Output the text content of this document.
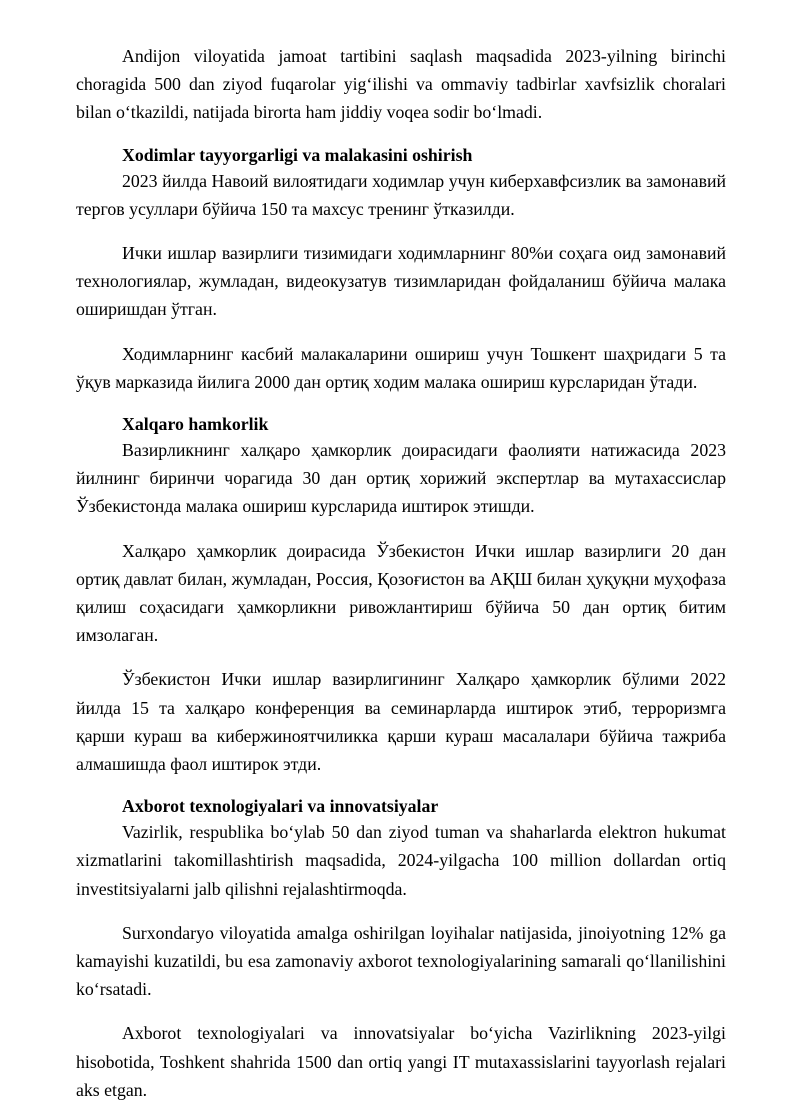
Andijon viloyatida jamoat tartibini saqlash maqsadida 2023-yilning birinchi choragida 500 dan ziyod fuqarolar yig‘ilishi va ommaviy tadbirlar xavfsizlik choralari bilan o‘tkazildi, natijada birorta ham jiddiy voqea sodir bo‘lmadi.

Xodimlar tayyorgarligi va malakasini oshirish

2023 йилда Навоий вилоятидаги ходимлар учун киберхавфсизлик ва замонавий тергов усуллари бўйича 150 та махсус тренинг ўтказилди.

Ички ишлар вазирлиги тизимидаги ходимларнинг 80%и соҳага оид замонавий технологиялар, жумладан, видеокузатув тизимларидан фойдаланиш бўйича малака оширишдан ўтган.

Ходимларнинг касбий малакаларини ошириш учун Тошкент шаҳридаги 5 та ўқув марказида йилига 2000 дан ортиқ ходим малака ошириш курсларидан ўтади.

Xalqaro hamkorlik

Вазирликнинг халқаро ҳамкорлик доирасидаги фаолияти натижасида 2023 йилнинг биринчи чорагида 30 дан ортиқ хорижий экспертлар ва мутахассислар Ўзбекистонда малака ошириш курсларида иштирок этишди.

Халқаро ҳамкорлик доирасида Ўзбекистон Ички ишлар вазирлиги 20 дан ортиқ давлат билан, жумладан, Россия, Қозоғистон ва АҚШ билан ҳуқуқни муҳофаза қилиш соҳасидаги ҳамкорликни ривожлантириш бўйича 50 дан ортиқ битим имзолаган.

Ўзбекистон Ички ишлар вазирлигининг Халқаро ҳамкорлик бўлими 2022 йилда 15 та халқаро конференция ва семинарларда иштирок этиб, терроризмга қарши кураш ва кибержиноятчиликка қарши кураш масалалари бўйича тажриба алмашишда фаол иштирок этди.

Axborot texnologiyalari va innovatsiyalar

Vazirlik, respublika bo‘ylab 50 dan ziyod tuman va shaharlarda elektron hukumat xizmatlarini takomillashtirish maqsadida, 2024-yilgacha 100 million dollardan ortiq investitsiyalarni jalb qilishni rejalashtirmoqda.

Surxondaryo viloyatida amalga oshirilgan loyihalar natijasida, jinoiyotning 12% ga kamayishi kuzatildi, bu esa zamonaviy axborot texnologiyalarining samarali qo‘llanilishini ko‘rsatadi.

Axborot texnologiyalari va innovatsiyalar bo‘yicha Vazirlikning 2023-yilgi hisobotida, Toshkent shahrida 1500 dan ortiq yangi IT mutaxassislarini tayyorlash rejalari aks etgan.
